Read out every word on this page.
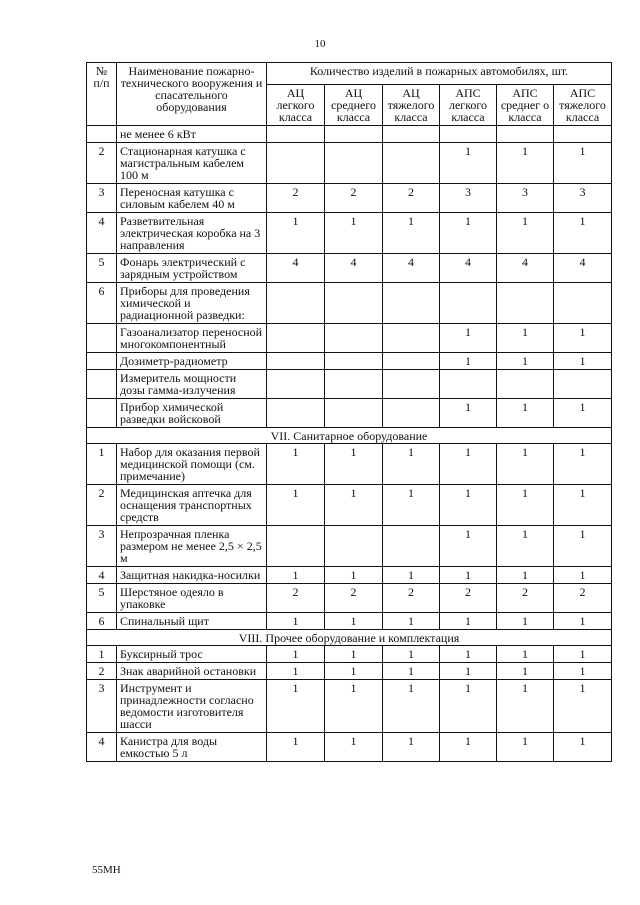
10
№ п/п	Наименование пожарно-технического вооружения и спасательного оборудования	Количество изделий в пожарных автомобилях, шт.					
		АЦ легкого класса	АЦ среднего класса	АЦ тяжелого класса	АПС легкого класса	АПС среднег о класса	АПС тяжелого класса
	не менее 6 кВт						
2	Стационарная катушка с магистральным кабелем 100 м				1	1	1
3	Переносная катушка с силовым кабелем 40 м	2	2	2	3	3	3
4	Разветвительная электрическая коробка на 3 направления	1	1	1	1	1	1
5	Фонарь электрический с зарядным устройством	4	4	4	4	4	4
6	Приборы для проведения химической и радиационной разведки:						
	Газоанализатор переносной многокомпонентный				1	1	1
	Дозиметр-радиометр				1	1	1
	Измеритель мощности дозы гамма-излучения						
	Прибор химической разведки войсковой				1	1	1
VII. Санитарное оборудование							
1	Набор для оказания первой медицинской помощи (см. примечание)	1	1	1	1	1	1
2	Медицинская аптечка для оснащения транспортных средств	1	1	1	1	1	1
3	Непрозрачная пленка размером не менее 2,5 × 2,5 м				1	1	1
4	Защитная накидка-носилки	1	1	1	1	1	1
5	Шерстяное одеяло в упаковке	2	2	2	2	2	2
6	Спинальный щит	1	1	1	1	1	1
VIII. Прочее оборудование и комплектация							
1	Буксирный трос	1	1	1	1	1	1
2	Знак аварийной остановки	1	1	1	1	1	1
3	Инструмент и принадлежности согласно ведомости изготовителя шасси	1	1	1	1	1	1
4	Канистра для воды емкостью 5 л	1	1	1	1	1	1
55МН
